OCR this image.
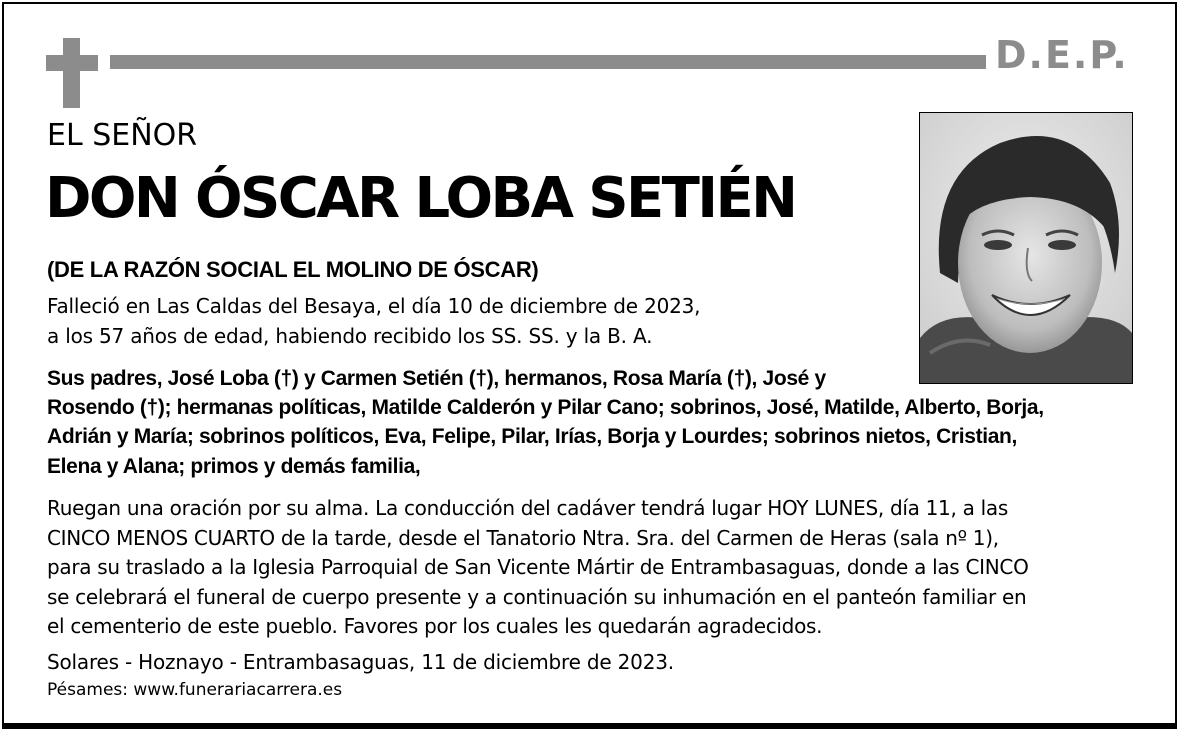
D.E.P.
EL SEÑOR
DON ÓSCAR LOBA SETIÉN
(DE LA RAZÓN SOCIAL EL MOLINO DE ÓSCAR)
Falleció en Las Caldas del Besaya, el día 10 de diciembre de 2023,
a los 57 años de edad, habiendo recibido los SS. SS. y la B. A.
Sus padres, José Loba (†) y Carmen Setién (†), hermanos, Rosa María (†), José y
Rosendo (†); hermanas políticas, Matilde Calderón y Pilar Cano; sobrinos, José, Matilde, Alberto, Borja,
Adrián y María; sobrinos políticos, Eva, Felipe, Pilar, Irías, Borja y Lourdes; sobrinos nietos, Cristian,
Elena y Alana; primos y demás familia,
Ruegan una oración por su alma. La conducción del cadáver tendrá lugar HOY LUNES, día 11, a las
CINCO MENOS CUARTO de la tarde, desde el Tanatorio Ntra. Sra. del Carmen de Heras (sala nº 1),
para su traslado a la Iglesia Parroquial de San Vicente Mártir de Entrambasaguas, donde a las CINCO
se celebrará el funeral de cuerpo presente y a continuación su inhumación en el panteón familiar en
el cementerio de este pueblo. Favores por los cuales les quedarán agradecidos.
Solares - Hoznayo - Entrambasaguas, 11 de diciembre de 2023.
Pésames: www.funerariacarrera.es
